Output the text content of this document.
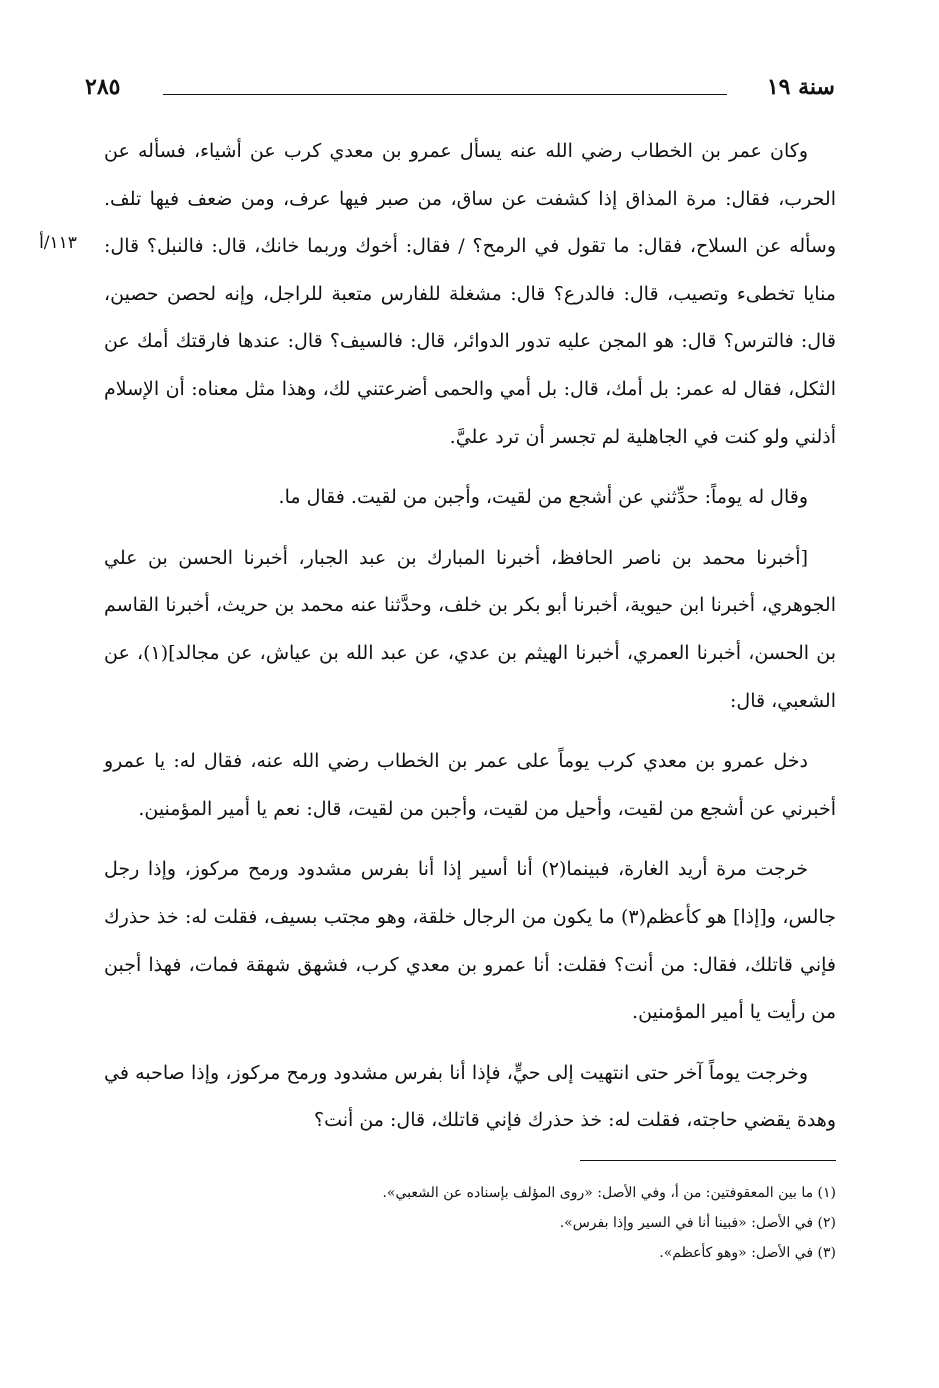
سنة ١٩
٢٨٥
١١٣/أ

وكان عمر بن الخطاب رضي الله عنه يسأل عمرو بن معدي كرب عن أشياء، فسأله عن الحرب، فقال: مرة المذاق إذا كشفت عن ساق، من صبر فيها عرف، ومن ضعف فيها تلف. وسأله عن السلاح، فقال: ما تقول في الرمح؟ / فقال: أخوك وربما خانك، قال: فالنبل؟ قال: منايا تخطىء وتصيب، قال: فالدرع؟ قال: مشغلة للفارس متعبة للراجل، وإنه لحصن حصين، قال: فالترس؟ قال: هو المجن عليه تدور الدوائر، قال: فالسيف؟ قال: عندها فارقتك أمك عن الثكل، فقال له عمر: بل أمك، قال: بل أمي والحمى أضرعتني لك، وهذا مثل معناه: أن الإسلام أذلني ولو كنت في الجاهلية لم تجسر أن ترد عليَّ.

وقال له يوماً: حدِّثني عن أشجع من لقيت، وأجبن من لقيت. فقال ما.

[أخبرنا محمد بن ناصر الحافظ، أخبرنا المبارك بن عبد الجبار، أخبرنا الحسن بن علي الجوهري، أخبرنا ابن حيوية، أخبرنا أبو بكر بن خلف، وحدَّثنا عنه محمد بن حريث، أخبرنا القاسم بن الحسن، أخبرنا العمري، أخبرنا الهيثم بن عدي، عن عبد الله بن عياش، عن مجالد](١)، عن الشعبي، قال:

دخل عمرو بن معدي كرب يوماً على عمر بن الخطاب رضي الله عنه، فقال له: يا عمرو أخبرني عن أشجع من لقيت، وأحيل من لقيت، وأجبن من لقيت، قال: نعم يا أمير المؤمنين.

خرجت مرة أريد الغارة، فبينما(٢) أنا أسير إذا أنا بفرس مشدود ورمح مركوز، وإذا رجل جالس، و[إذا] هو كأعظم(٣) ما يكون من الرجال خلقة، وهو مجتب بسيف، فقلت له: خذ حذرك فإني قاتلك، فقال: من أنت؟ فقلت: أنا عمرو بن معدي كرب، فشهق شهقة فمات، فهذا أجبن من رأيت يا أمير المؤمنين.

وخرجت يوماً آخر حتى انتهيت إلى حيٍّ، فإذا أنا بفرس مشدود ورمح مركوز، وإذا صاحبه في وهدة يقضي حاجته، فقلت له: خذ حذرك فإني قاتلك، قال: من أنت؟

(١) ما بين المعقوفتين: من أ، وفي الأصل: «روى المؤلف بإسناده عن الشعبي».

(٢) في الأصل: «فبينا أنا في السير وإذا بفرس».

(٣) في الأصل: «وهو كأعظم».
